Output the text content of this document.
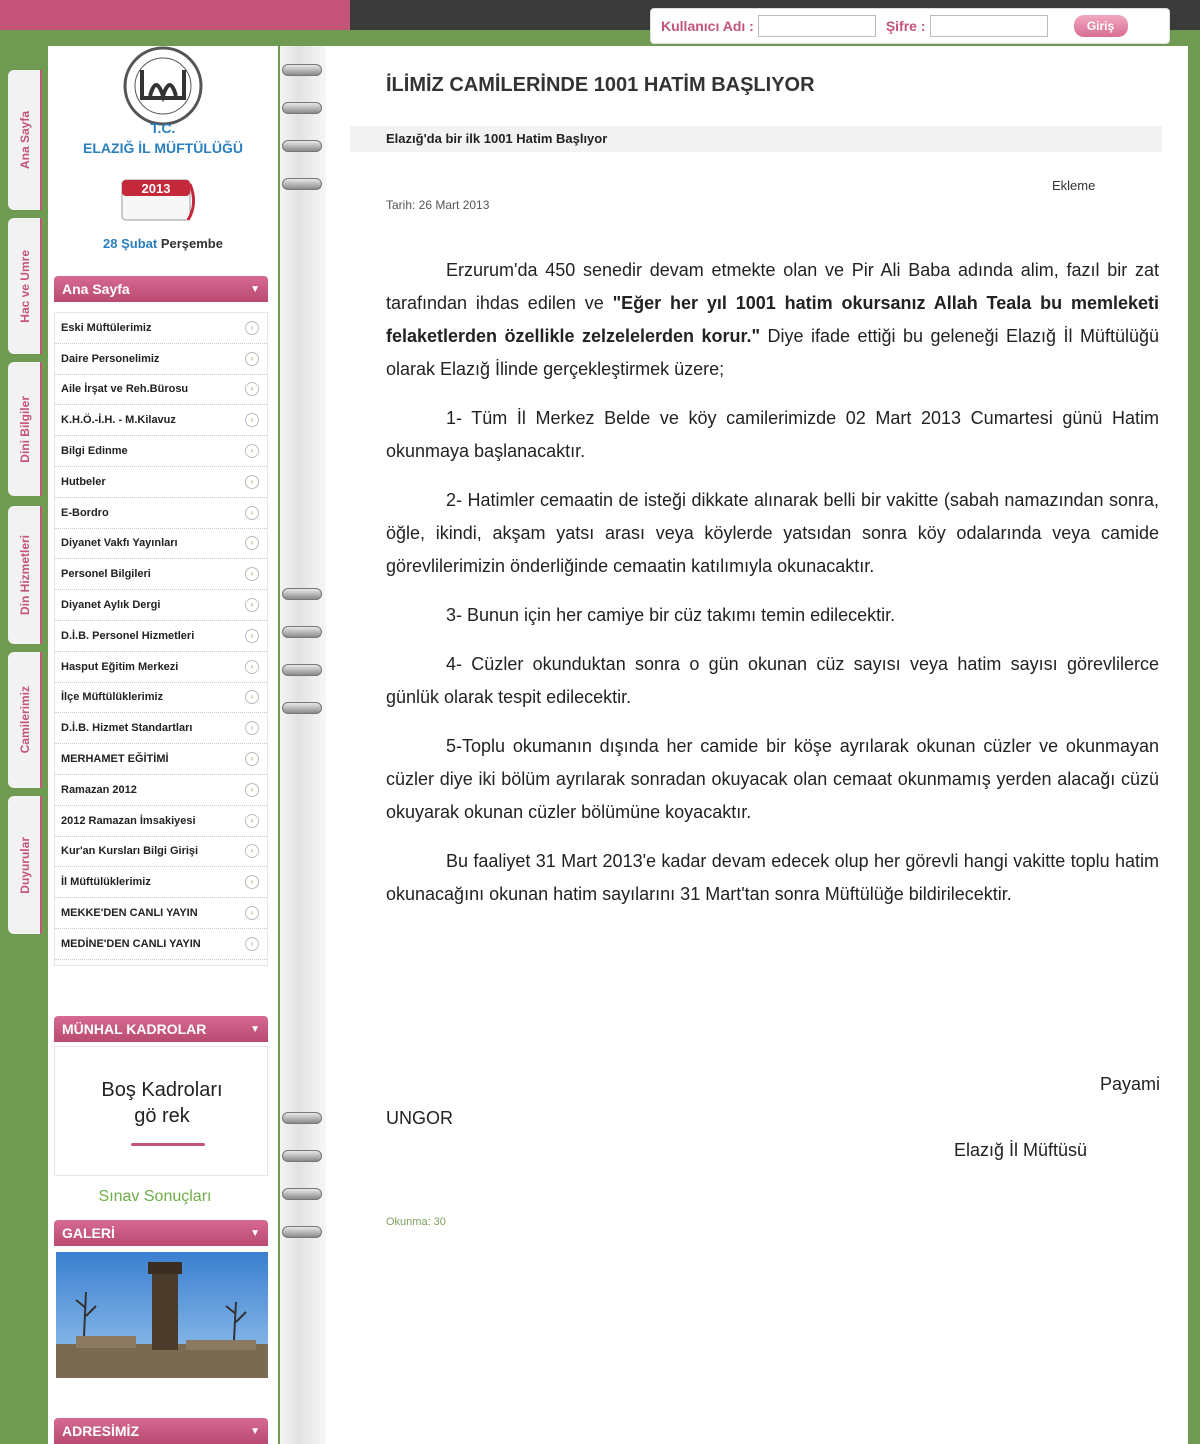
Kullanıcı Adı :	Şifre :	Giriş
Ana Sayfa
Hac ve Umre
Dini Bilgiler
Din Hizmetleri
Camilerimiz
Duyurular
T.C.
ELAZIĞ İL MÜFTÜLÜĞÜ
2013
28 Şubat Perşembe
Ana Sayfa	▼
Eski Müftülerimiz	›
Daire Personelimiz	›
Aile İrşat ve Reh.Bürosu	›
K.H.Ö.-İ.H. - M.Kilavuz	›
Bilgi Edinme	›
Hutbeler	›
E-Bordro	›
Diyanet Vakfı Yayınları	›
Personel Bilgileri	›
Diyanet Aylık Dergi	›
D.İ.B. Personel Hizmetleri	›
Hasput Eğitim Merkezi	›
İlçe Müftülüklerimiz	›
D.İ.B. Hizmet Standartları	›
MERHAMET EĞİTİMİ	›
Ramazan 2012	›
2012 Ramazan İmsakiyesi	›
Kur'an Kursları Bilgi Girişi	›
İl Müftülüklerimiz	›
MEKKE'DEN CANLI YAYIN	›
MEDİNE'DEN CANLI YAYIN	›
MÜNHAL KADROLAR	▼
Boş Kadroları
gö rek
Sınav Sonuçları
GALERİ	▼
ADRESİMİZ	▼
İLİMİZ CAMİLERİNDE 1001 HATİM BAŞLIYOR
Elazığ'da bir ilk 1001 Hatim Başlıyor
Ekleme
Tarih: 26 Mart 2013

Erzurum'da 450 senedir devam etmekte olan ve Pir Ali Baba adında alim, fazıl bir zat tarafından ihdas edilen ve "Eğer her yıl 1001 hatim okursanız Allah Teala bu memleketi felaketlerden özellikle zelzelelerden korur." Diye ifade ettiği bu geleneği Elazığ İl Müftülüğü olarak Elazığ İlinde gerçekleştirmek üzere;

1- Tüm İl Merkez Belde ve köy camilerimizde 02 Mart 2013 Cumartesi günü Hatim okunmaya başlanacaktır.

2- Hatimler cemaatin de isteği dikkate alınarak belli bir vakitte (sabah namazından sonra, öğle, ikindi, akşam yatsı arası veya köylerde yatsıdan sonra köy odalarında veya camide görevlilerimizin önderliğinde cemaatin katılımıyla okunacaktır.

3- Bunun için her camiye bir cüz takımı temin edilecektir.

4- Cüzler okunduktan sonra o gün okunan cüz sayısı veya hatim sayısı görevlilerce günlük olarak tespit edilecektir.

5-Toplu okumanın dışında her camide bir köşe ayrılarak okunan cüzler ve okunmayan cüzler diye iki bölüm ayrılarak sonradan okuyacak olan cemaat okunmamış yerden alacağı cüzü okuyarak okunan cüzler bölümüne koyacaktır.

Bu faaliyet 31 Mart 2013'e kadar devam edecek olup her görevli hangi vakitte toplu hatim okunacağını okunan hatim sayılarını 31 Mart'tan sonra Müftülüğe bildirilecektir.

Payami
UNGOR
Elazığ İl Müftüsü
Okunma: 30
